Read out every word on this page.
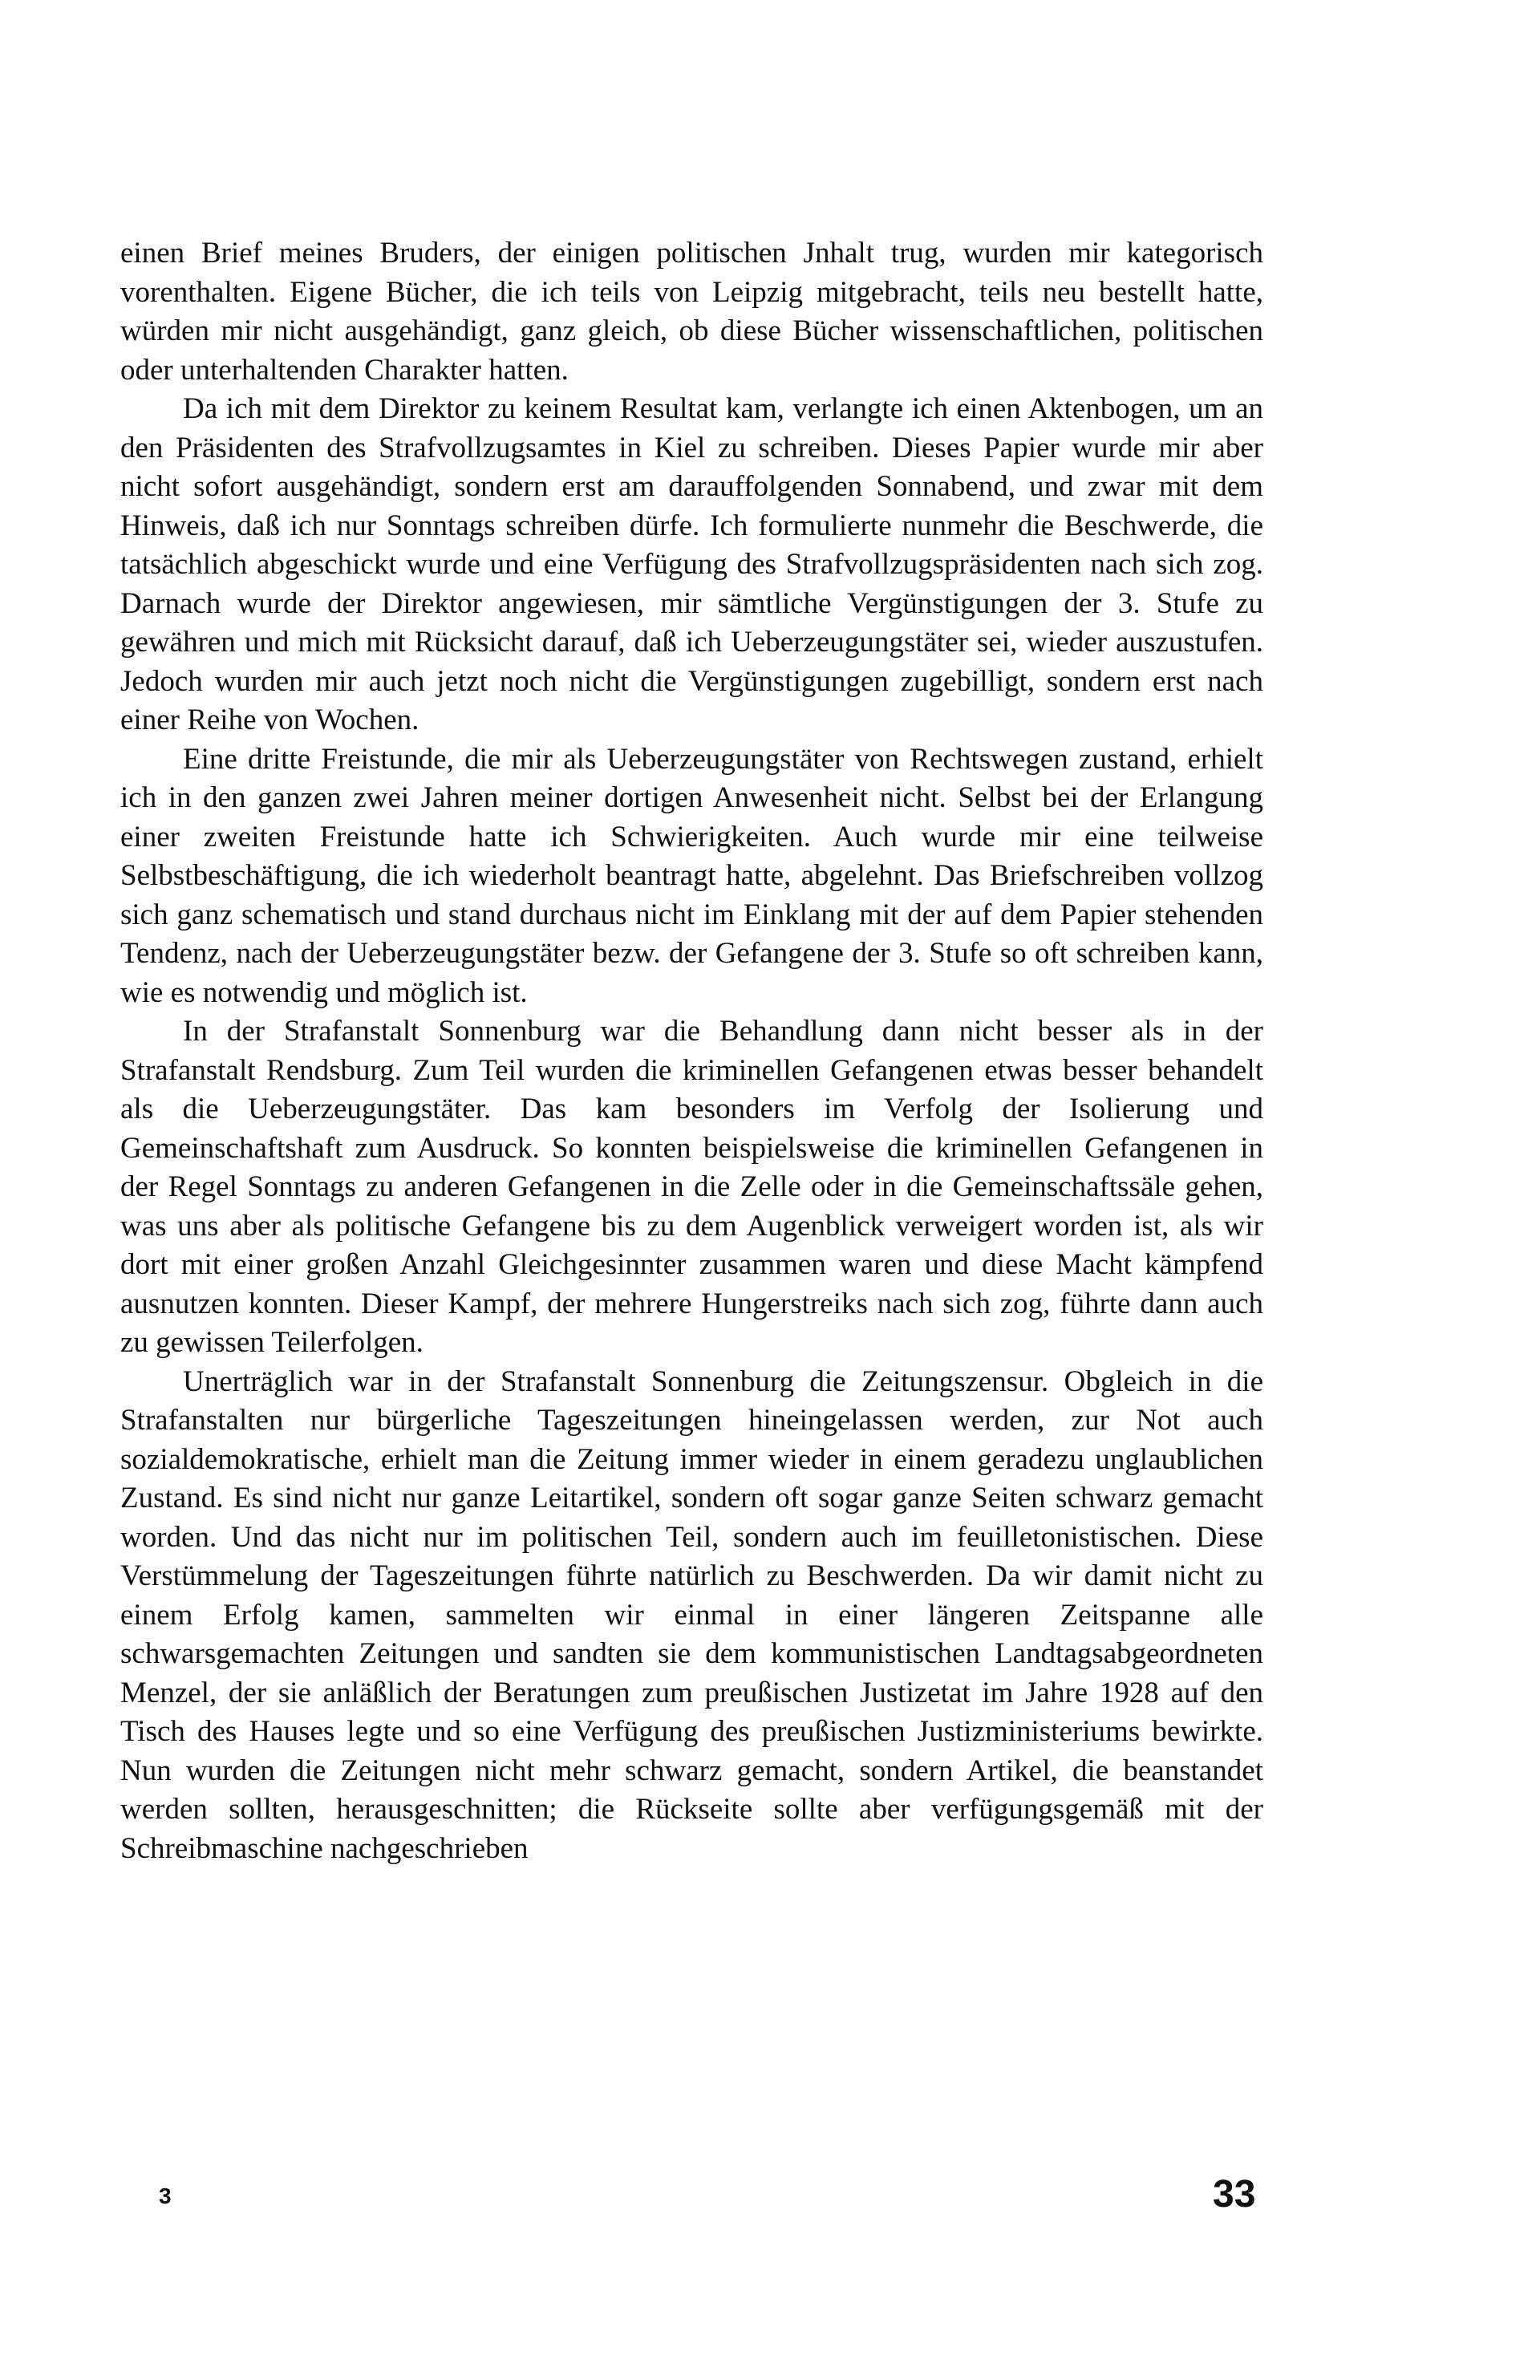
einen Brief meines Bruders, der einigen politischen Jnhalt trug, wurden mir kategorisch vorenthalten. Eigene Bücher, die ich teils von Leipzig mitgebracht, teils neu bestellt hatte, würden mir nicht ausgehändigt, ganz gleich, ob diese Bücher wissenschaftlichen, politischen oder unterhaltenden Charakter hatten.

Da ich mit dem Direktor zu keinem Resultat kam, verlangte ich einen Aktenbogen, um an den Präsidenten des Strafvollzugsamtes in Kiel zu schreiben. Dieses Papier wurde mir aber nicht sofort ausgehändigt, sondern erst am darauffolgenden Sonnabend, und zwar mit dem Hinweis, daß ich nur Sonntags schreiben dürfe. Ich formulierte nunmehr die Beschwerde, die tatsächlich abgeschickt wurde und eine Verfügung des Strafvollzugspräsidenten nach sich zog. Darnach wurde der Direktor angewiesen, mir sämtliche Vergünstigungen der 3. Stufe zu gewähren und mich mit Rücksicht darauf, daß ich Ueberzeugungstäter sei, wieder auszustufen. Jedoch wurden mir auch jetzt noch nicht die Vergünstigungen zugebilligt, sondern erst nach einer Reihe von Wochen.

Eine dritte Freistunde, die mir als Ueberzeugungstäter von Rechtswegen zustand, erhielt ich in den ganzen zwei Jahren meiner dortigen Anwesenheit nicht. Selbst bei der Erlangung einer zweiten Freistunde hatte ich Schwierigkeiten. Auch wurde mir eine teilweise Selbstbeschäftigung, die ich wiederholt beantragt hatte, abgelehnt. Das Briefschreiben vollzog sich ganz schematisch und stand durchaus nicht im Einklang mit der auf dem Papier stehenden Tendenz, nach der Ueberzeugungstäter bezw. der Gefangene der 3. Stufe so oft schreiben kann, wie es notwendig und möglich ist.

In der Strafanstalt Sonnenburg war die Behandlung dann nicht besser als in der Strafanstalt Rendsburg. Zum Teil wurden die kriminellen Gefangenen etwas besser behandelt als die Ueberzeugungstäter. Das kam besonders im Verfolg der Isolierung und Gemeinschaftshaft zum Ausdruck. So konnten beispielsweise die kriminellen Gefangenen in der Regel Sonntags zu anderen Gefangenen in die Zelle oder in die Gemeinschaftssäle gehen, was uns aber als politische Gefangene bis zu dem Augenblick verweigert worden ist, als wir dort mit einer großen Anzahl Gleichgesinnter zusammen waren und diese Macht kämpfend ausnutzen konnten. Dieser Kampf, der mehrere Hungerstreiks nach sich zog, führte dann auch zu gewissen Teilerfolgen.

Unerträglich war in der Strafanstalt Sonnenburg die Zeitungszensur. Obgleich in die Strafanstalten nur bürgerliche Tageszeitungen hineingelassen werden, zur Not auch sozialdemokratische, erhielt man die Zeitung immer wieder in einem geradezu unglaublichen Zustand. Es sind nicht nur ganze Leitartikel, sondern oft sogar ganze Seiten schwarz gemacht worden. Und das nicht nur im politischen Teil, sondern auch im feuilletonistischen. Diese Verstümmelung der Tageszeitungen führte natürlich zu Beschwerden. Da wir damit nicht zu einem Erfolg kamen, sammelten wir einmal in einer längeren Zeitspanne alle schwarsgemachten Zeitungen und sandten sie dem kommunistischen Landtagsabgeordneten Menzel, der sie anläßlich der Beratungen zum preußischen Justizetat im Jahre 1928 auf den Tisch des Hauses legte und so eine Verfügung des preußischen Justizministeriums bewirkte. Nun wurden die Zeitungen nicht mehr schwarz gemacht, sondern Artikel, die beanstandet werden sollten, herausgeschnitten; die Rückseite sollte aber verfügungsgemäß mit der Schreibmaschine nachgeschrieben

3	33
